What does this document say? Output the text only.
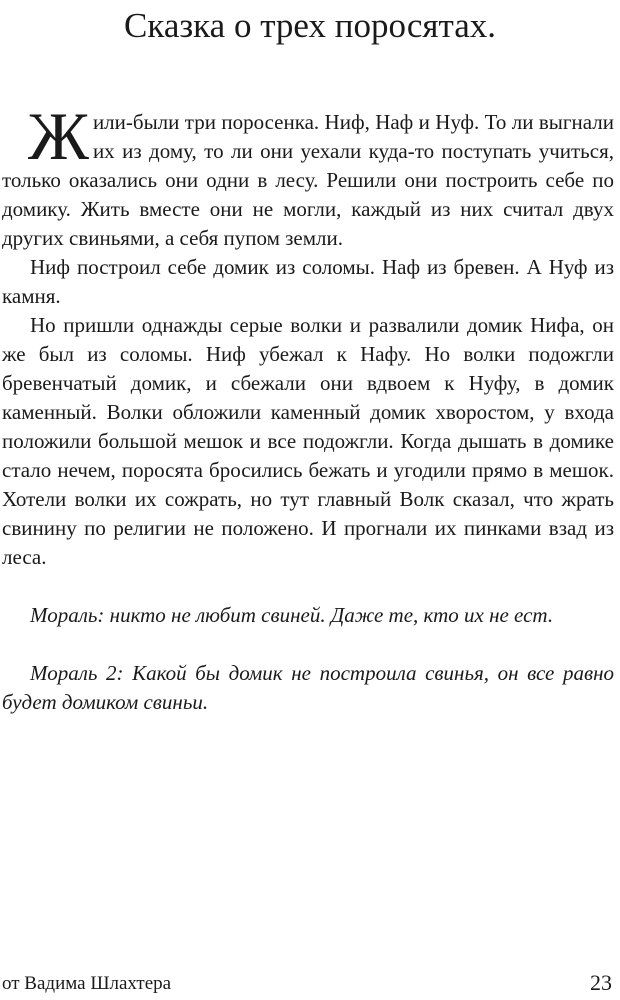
Сказка о трех поросятах.

Жили-были три поросенка. Ниф, Наф и Нуф. То ли выгнали их из дому, то ли они уехали куда-то поступать учиться, только оказались они одни в лесу. Решили они построить себе по домику. Жить вместе они не могли, каждый из них считал двух других свиньями, а себя пупом земли.

Ниф построил себе домик из соломы. Наф из бревен. А Нуф из камня.

Но пришли однажды серые волки и развалили домик Нифа, он же был из соломы. Ниф убежал к Нафу. Но волки подожгли бревенчатый домик, и сбежали они вдвоем к Нуфу, в домик каменный. Волки обложили каменный домик хворостом, у входа положили большой мешок и все подожгли. Когда дышать в домике стало нечем, поросята бросились бежать и угодили прямо в мешок. Хотели волки их сожрать, но тут главный Волк сказал, что жрать свинину по религии не положено. И прогнали их пинками взад из леса.

Мораль: никто не любит свиней. Даже те, кто их не ест.

Мораль 2: Какой бы домик не построила свинья, он все равно будет домиком свиньи.

от Вадима Шлахтера	23
